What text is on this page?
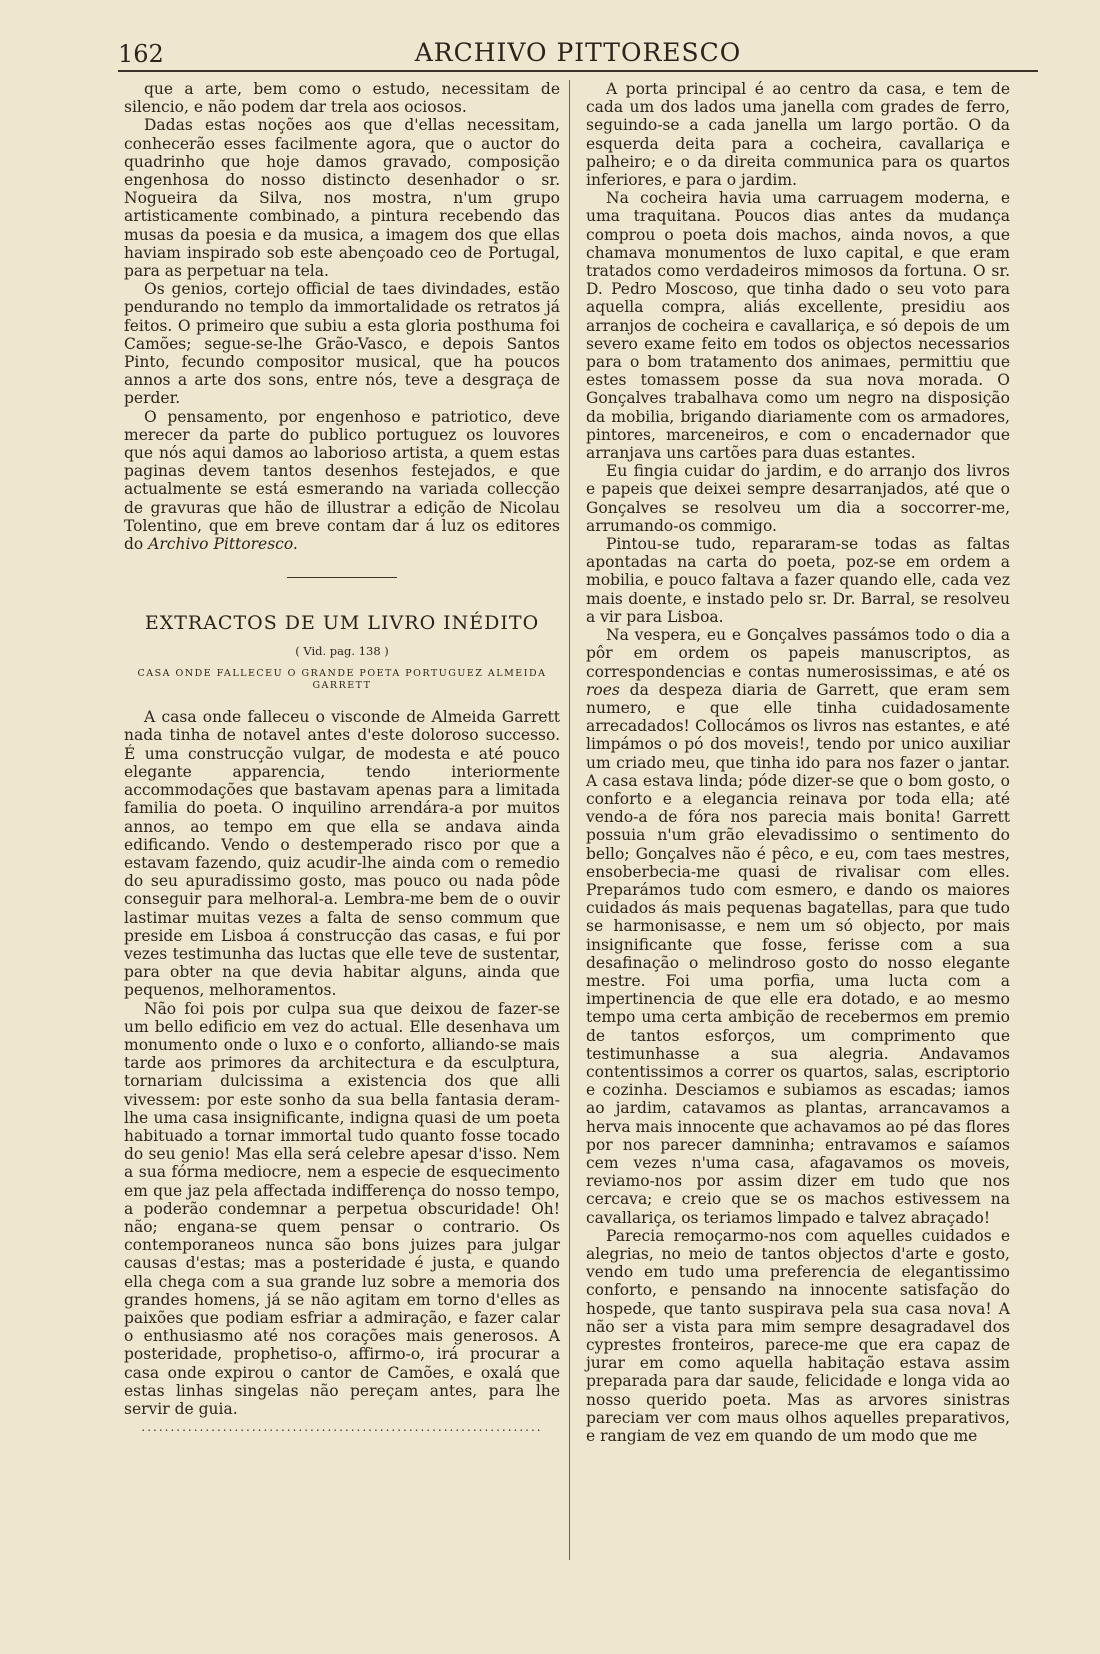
162	ARCHIVO PITTORESCO

que a arte, bem como o estudo, necessitam de silencio, e não podem dar trela aos ociosos.

Dadas estas noções aos que d'ellas necessitam, conhecerão esses facilmente agora, que o auctor do quadrinho que hoje damos gravado, composição engenhosa do nosso distincto desenhador o sr. Nogueira da Silva, nos mostra, n'um grupo artisticamente combinado, a pintura recebendo das musas da poesia e da musica, a imagem dos que ellas haviam inspirado sob este abençoado ceo de Portugal, para as perpetuar na tela.

Os genios, cortejo official de taes divindades, estão pendurando no templo da immortalidade os retratos já feitos. O primeiro que subiu a esta gloria posthuma foi Camões; segue-se-lhe Grão-Vasco, e depois Santos Pinto, fecundo compositor musical, que ha poucos annos a arte dos sons, entre nós, teve a desgraça de perder.

O pensamento, por engenhoso e patriotico, deve merecer da parte do publico portuguez os louvores que nós aqui damos ao laborioso artista, a quem estas paginas devem tantos desenhos festejados, e que actualmente se está esmerando na variada collecção de gravuras que hão de illustrar a edição de Nicolau Tolentino, que em breve contam dar á luz os editores do Archivo Pittoresco.

EXTRACTOS DE UM LIVRO INÉDITO
( Vid. pag. 138 )
CASA ONDE FALLECEU O GRANDE POETA PORTUGUEZ ALMEIDA GARRETT

A casa onde falleceu o visconde de Almeida Garrett nada tinha de notavel antes d'este doloroso successo. É uma construcção vulgar, de modesta e até pouco elegante apparencia, tendo interiormente accommodações que bastavam apenas para a limitada familia do poeta. O inquilino arrendára-a por muitos annos, ao tempo em que ella se andava ainda edificando. Vendo o destemperado risco por que a estavam fazendo, quiz acudir-lhe ainda com o remedio do seu apuradissimo gosto, mas pouco ou nada pôde conseguir para melhoral-a. Lembra-me bem de o ouvir lastimar muitas vezes a falta de senso commum que preside em Lisboa á construcção das casas, e fui por vezes testimunha das luctas que elle teve de sustentar, para obter na que devia habitar alguns, ainda que pequenos, melhoramentos.

Não foi pois por culpa sua que deixou de fazer-se um bello edificio em vez do actual. Elle desenhava um monumento onde o luxo e o conforto, alliando-se mais tarde aos primores da architectura e da esculptura, tornariam dulcissima a existencia dos que alli vivessem: por este sonho da sua bella fantasia deram-lhe uma casa insignificante, indigna quasi de um poeta habituado a tornar immortal tudo quanto fosse tocado do seu genio! Mas ella será celebre apesar d'isso. Nem a sua fórma mediocre, nem a especie de esquecimento em que jaz pela affectada indifferença do nosso tempo, a poderão condemnar a perpetua obscuridade! Oh! não; engana-se quem pensar o contrario. Os contemporaneos nunca são bons juizes para julgar causas d'estas; mas a posteridade é justa, e quando ella chega com a sua grande luz sobre a memoria dos grandes homens, já se não agitam em torno d'elles as paixões que podiam esfriar a admiração, e fazer calar o enthusiasmo até nos corações mais generosos. A posteridade, prophetiso-o, affirmo-o, irá procurar a casa onde expirou o cantor de Camões, e oxalá que estas linhas singelas não pereçam antes, para lhe servir de guia.

.....................................................................

A porta principal é ao centro da casa, e tem de cada um dos lados uma janella com grades de ferro, seguindo-se a cada janella um largo portão. O da esquerda deita para a cocheira, cavallariça e palheiro; e o da direita communica para os quartos inferiores, e para o jardim.

Na cocheira havia uma carruagem moderna, e uma traquitana. Poucos dias antes da mudança comprou o poeta dois machos, ainda novos, a que chamava monumentos de luxo capital, e que eram tratados como verdadeiros mimosos da fortuna. O sr. D. Pedro Moscoso, que tinha dado o seu voto para aquella compra, aliás excellente, presidiu aos arranjos de cocheira e cavallariça, e só depois de um severo exame feito em todos os objectos necessarios para o bom tratamento dos animaes, permittiu que estes tomassem posse da sua nova morada. O Gonçalves trabalhava como um negro na disposição da mobilia, brigando diariamente com os armadores, pintores, marceneiros, e com o encadernador que arranjava uns cartões para duas estantes.

Eu fingia cuidar do jardim, e do arranjo dos livros e papeis que deixei sempre desarranjados, até que o Gonçalves se resolveu um dia a soccorrer-me, arrumando-os commigo.

Pintou-se tudo, repararam-se todas as faltas apontadas na carta do poeta, poz-se em ordem a mobilia, e pouco faltava a fazer quando elle, cada vez mais doente, e instado pelo sr. Dr. Barral, se resolveu a vir para Lisboa.

Na vespera, eu e Gonçalves passámos todo o dia a pôr em ordem os papeis manuscriptos, as correspondencias e contas numerosissimas, e até os roes da despeza diaria de Garrett, que eram sem numero, e que elle tinha cuidadosamente arrecadados! Collocámos os livros nas estantes, e até limpámos o pó dos moveis!, tendo por unico auxiliar um criado meu, que tinha ido para nos fazer o jantar. A casa estava linda; póde dizer-se que o bom gosto, o conforto e a elegancia reinava por toda ella; até vendo-a de fóra nos parecia mais bonita! Garrett possuia n'um grão elevadissimo o sentimento do bello; Gonçalves não é pêco, e eu, com taes mestres, ensoberbecia-me quasi de rivalisar com elles. Preparámos tudo com esmero, e dando os maiores cuidados ás mais pequenas bagatellas, para que tudo se harmonisasse, e nem um só objecto, por mais insignificante que fosse, ferisse com a sua desafinação o melindroso gosto do nosso elegante mestre. Foi uma porfia, uma lucta com a impertinencia de que elle era dotado, e ao mesmo tempo uma certa ambição de recebermos em premio de tantos esforços, um comprimento que testimunhasse a sua alegria. Andavamos contentissimos a correr os quartos, salas, escriptorio e cozinha. Desciamos e subiamos as escadas; iamos ao jardim, catavamos as plantas, arrancavamos a herva mais innocente que achavamos ao pé das flores por nos parecer damninha; entravamos e saíamos cem vezes n'uma casa, afagavamos os moveis, reviamo-nos por assim dizer em tudo que nos cercava; e creio que se os machos estivessem na cavallariça, os teriamos limpado e talvez abraçado!

Parecia remoçarmo-nos com aquelles cuidados e alegrias, no meio de tantos objectos d'arte e gosto, vendo em tudo uma preferencia de elegantissimo conforto, e pensando na innocente satisfação do hospede, que tanto suspirava pela sua casa nova! A não ser a vista para mim sempre desagradavel dos cyprestes fronteiros, parece-me que era capaz de jurar em como aquella habitação estava assim preparada para dar saude, felicidade e longa vida ao nosso querido poeta. Mas as arvores sinistras pareciam ver com maus olhos aquelles preparativos, e rangiam de vez em quando de um modo que me
